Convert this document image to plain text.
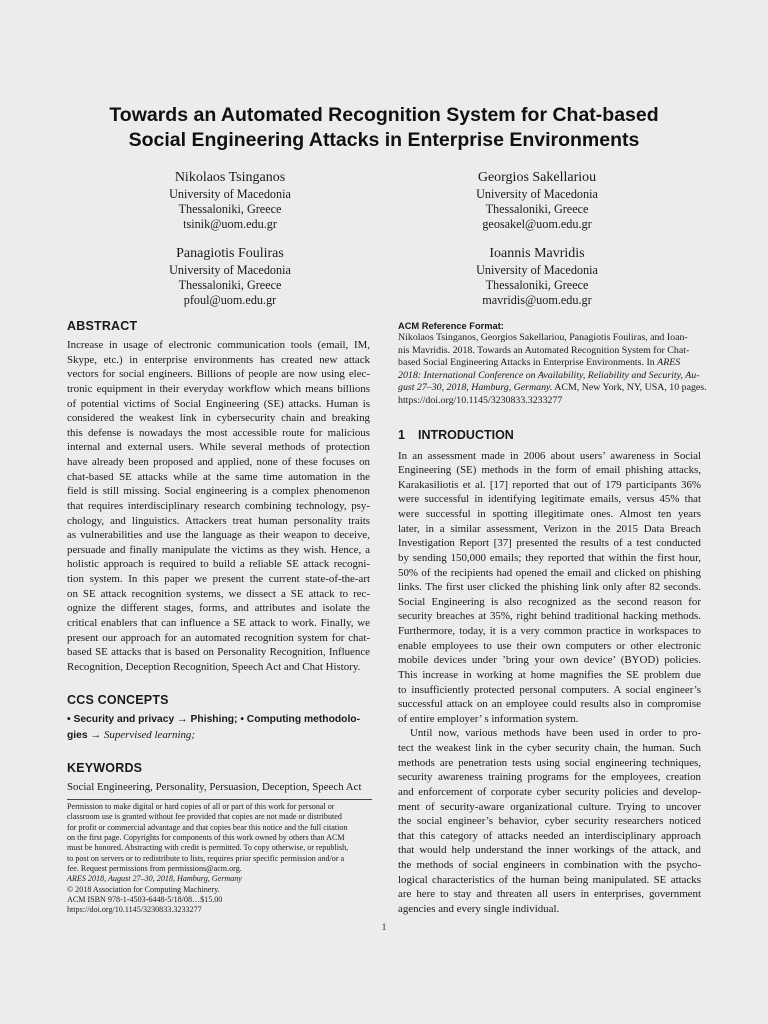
Towards an Automated Recognition System for Chat-based
Social Engineering Attacks in Enterprise Environments
Nikolaos Tsinganos
University of Macedonia
Thessaloniki, Greece
tsinik@uom.edu.gr
Georgios Sakellariou
University of Macedonia
Thessaloniki, Greece
geosakel@uom.edu.gr
Panagiotis Fouliras
University of Macedonia
Thessaloniki, Greece
pfoul@uom.edu.gr
Ioannis Mavridis
University of Macedonia
Thessaloniki, Greece
mavridis@uom.edu.gr
ABSTRACT
Increase in usage of electronic communication tools (email, IM,
Skype, etc.) in enterprise environments has created new attack
vectors for social engineers. Billions of people are now using elec-
tronic equipment in their everyday workflow which means billions
of potential victims of Social Engineering (SE) attacks. Human is
considered the weakest link in cybersecurity chain and breaking
this defense is nowadays the most accessible route for malicious
internal and external users. While several methods of protection
have already been proposed and applied, none of these focuses on
chat-based SE attacks while at the same time automation in the
field is still missing. Social engineering is a complex phenomenon
that requires interdisciplinary research combining technology, psy-
chology, and linguistics. Attackers treat human personality traits
as vulnerabilities and use the language as their weapon to deceive,
persuade and finally manipulate the victims as they wish. Hence, a
holistic approach is required to build a reliable SE attack recogni-
tion system. In this paper we present the current state-of-the-art
on SE attack recognition systems, we dissect a SE attack to rec-
ognize the different stages, forms, and attributes and isolate the
critical enablers that can influence a SE attack to work. Finally, we
present our approach for an automated recognition system for chat-
based SE attacks that is based on Personality Recognition, Influence
Recognition, Deception Recognition, Speech Act and Chat History.
CCS CONCEPTS
• Security and privacy → Phishing; • Computing methodolo-
gies → Supervised learning;
KEYWORDS
Social Engineering, Personality, Persuasion, Deception, Speech Act
Permission to make digital or hard copies of all or part of this work for personal or
classroom use is granted without fee provided that copies are not made or distributed
for profit or commercial advantage and that copies bear this notice and the full citation
on the first page. Copyrights for components of this work owned by others than ACM
must be honored. Abstracting with credit is permitted. To copy otherwise, or republish,
to post on servers or to redistribute to lists, requires prior specific permission and/or a
fee. Request permissions from permissions@acm.org.
ARES 2018, August 27–30, 2018, Hamburg, Germany
© 2018 Association for Computing Machinery.
ACM ISBN 978-1-4503-6448-5/18/08…$15.00
https://doi.org/10.1145/3230833.3233277
ACM Reference Format:
Nikolaos Tsinganos, Georgios Sakellariou, Panagiotis Fouliras, and Ioan-
nis Mavridis. 2018. Towards an Automated Recognition System for Chat-
based Social Engineering Attacks in Enterprise Environments. In ARES
2018: International Conference on Availability, Reliability and Security, Au-
gust 27–30, 2018, Hamburg, Germany. ACM, New York, NY, USA, 10 pages.
https://doi.org/10.1145/3230833.3233277
1 INTRODUCTION
In an assessment made in 2006 about users’ awareness in Social
Engineering (SE) methods in the form of email phishing attacks,
Karakasiliotis et al. [17] reported that out of 179 participants 36%
were successful in identifying legitimate emails, versus 45% that
were successful in spotting illegitimate ones. Almost ten years
later, in a similar assessment, Verizon in the 2015 Data Breach
Investigation Report [37] presented the results of a test conducted
by sending 150,000 emails; they reported that within the first hour,
50% of the recipients had opened the email and clicked on phishing
links. The first user clicked the phishing link only after 82 seconds.
Social Engineering is also recognized as the second reason for
security breaches at 35%, right behind traditional hacking methods.
Furthermore, today, it is a very common practice in workspaces to
enable employees to use their own computers or other electronic
mobile devices under ’bring your own device’ (BYOD) policies.
This increase in working at home magnifies the SE problem due
to insufficiently protected personal computers. A social engineer’s
successful attack on an employee could results also in compromise
of entire employer’ s information system.
Until now, various methods have been used in order to pro-
tect the weakest link in the cyber security chain, the human. Such
methods are penetration tests using social engineering techniques,
security awareness training programs for the employees, creation
and enforcement of corporate cyber security policies and develop-
ment of security-aware organizational culture. Trying to uncover
the social engineer’s behavior, cyber security researchers noticed
that this category of attacks needed an interdisciplinary approach
that would help understand the inner workings of the attack, and
the methods of social engineers in combination with the psycho-
logical characteristics of the human being manipulated. SE attacks
are here to stay and threaten all users in enterprises, government
agencies and every single individual.
1
